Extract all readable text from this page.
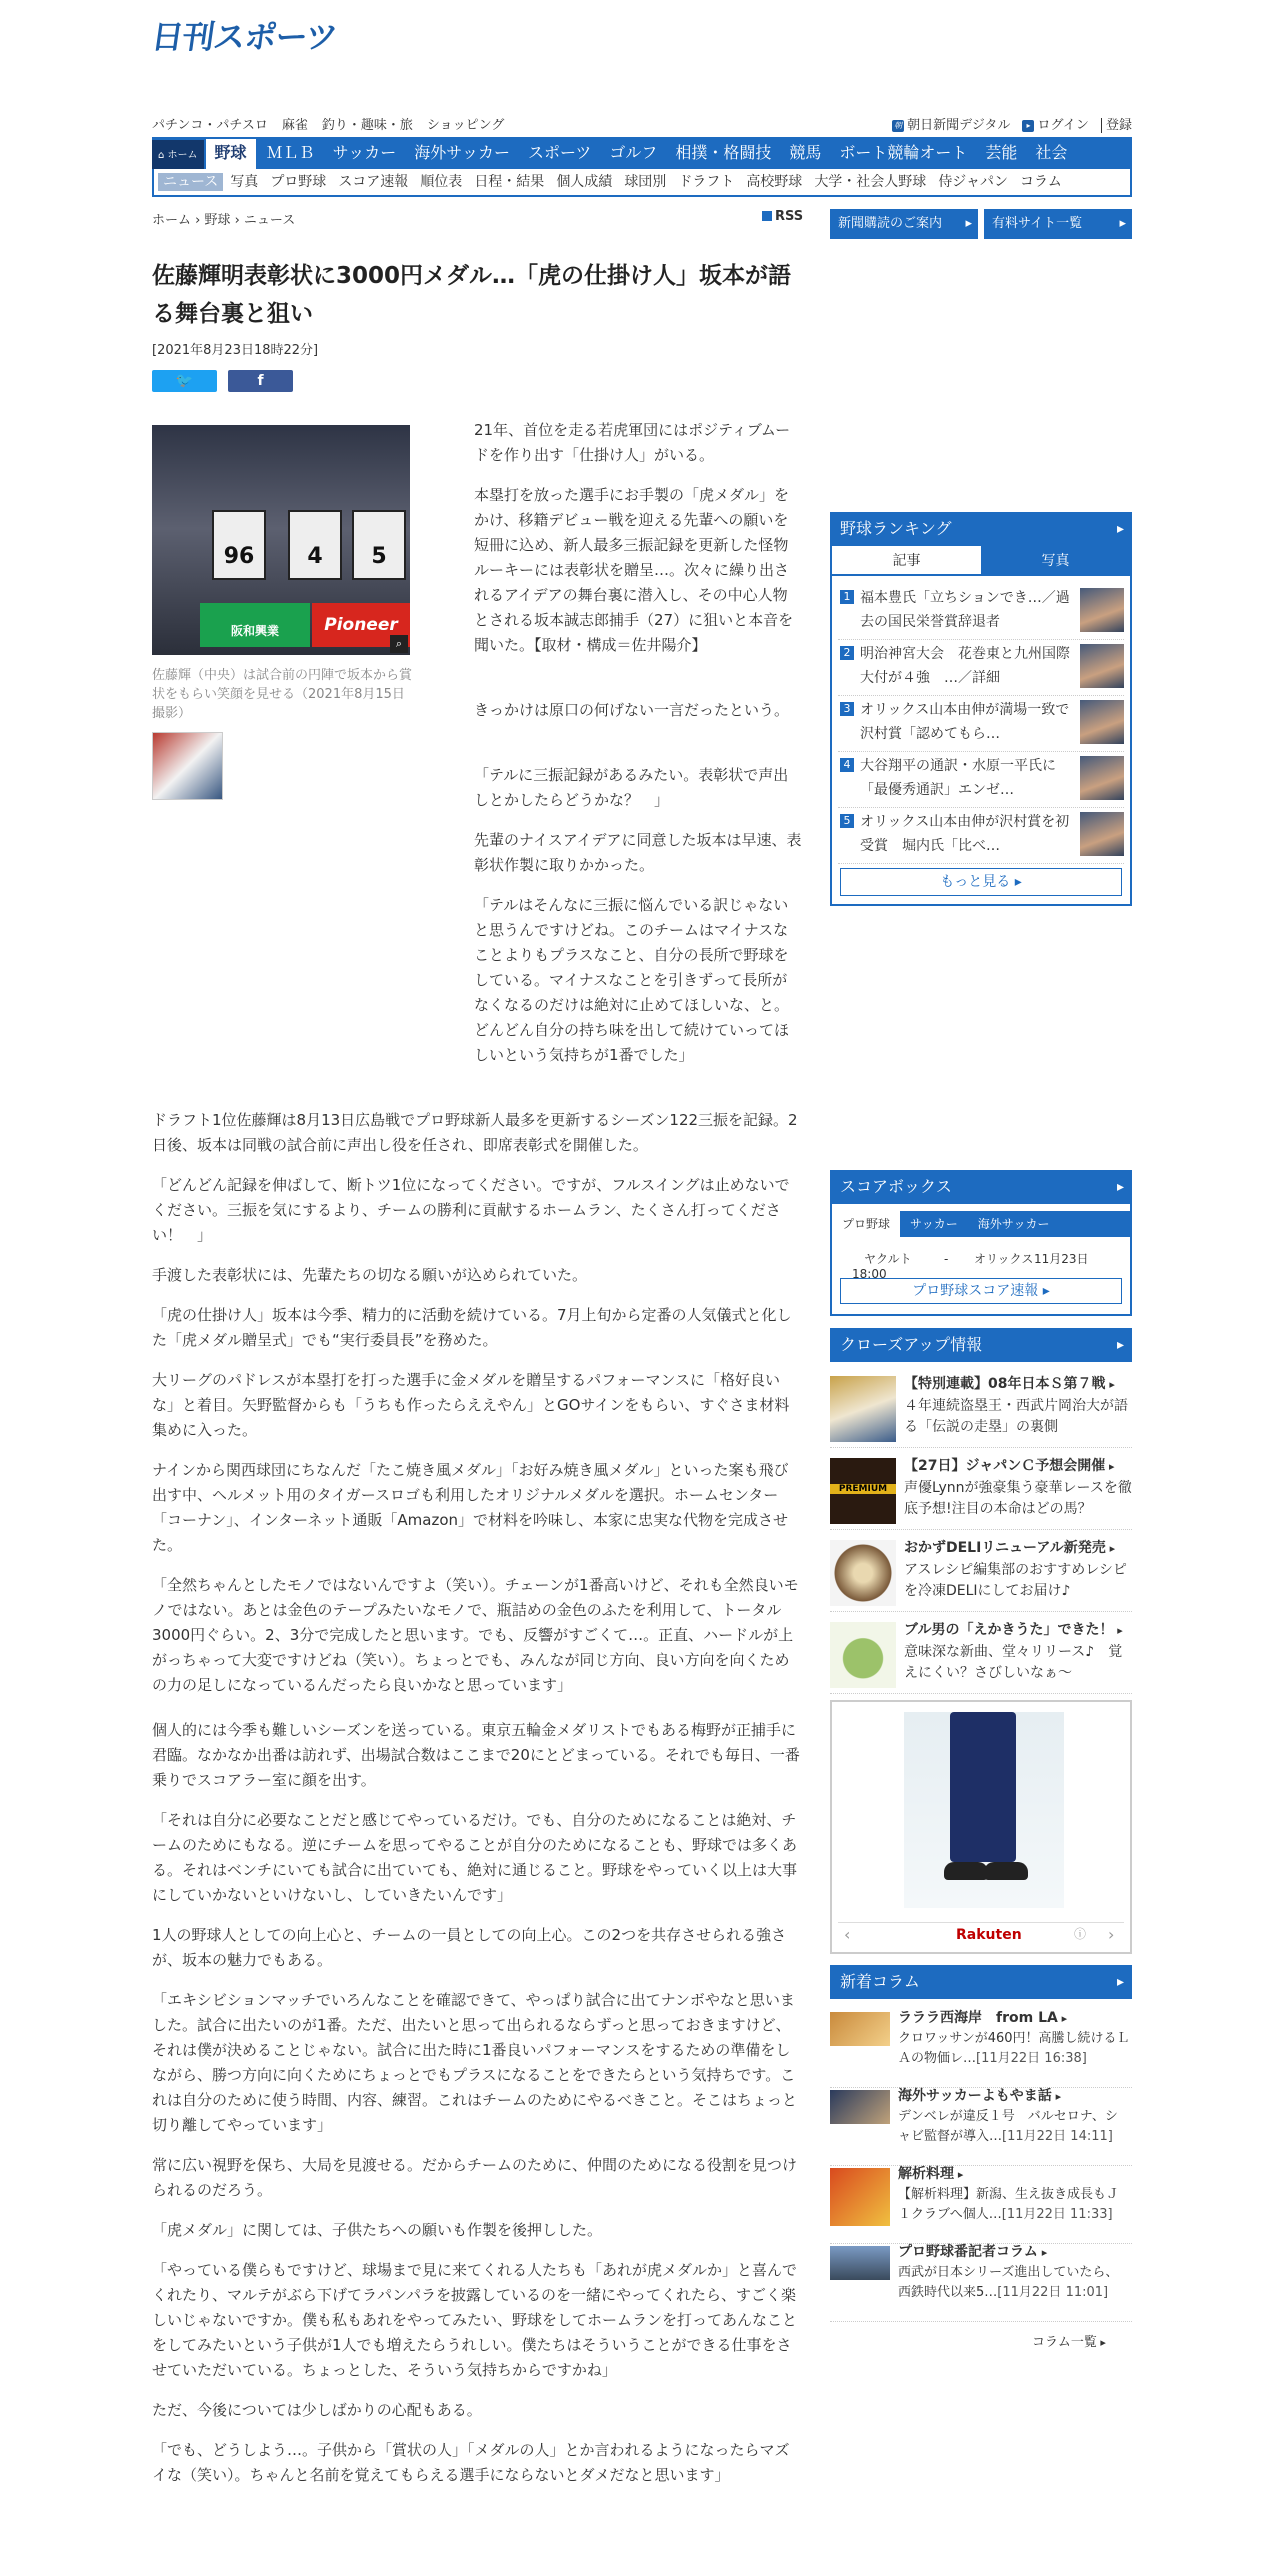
日刊スポーツ
パチンコ・パチスロ 麻雀 釣り・趣味・旅 ショッピング	朝 朝日新聞デジタル ▸ ログイン 登録
⌂ ホーム 野球 ＭＬＢ サッカー 海外サッカー スポーツ ゴルフ 相撲・格闘技 競馬 ボート競輪オート 芸能 社会
ニュース 写真 プロ野球 スコア速報 順位表 日程・結果 個人成績 球団別 ドラフト 高校野球 大学・社会人野球 侍ジャパン コラム
ホーム › 野球 › ニュース	RSS	新聞購読のご案内 ▸	有料サイト一覧 ▸
佐藤輝明表彰状に3000円メダル…「虎の仕掛け人」坂本が語る舞台裏と狙い
[2021年8月23日18時22分]
🐦	f
96	4	5
阪和興業	Pioneer
⌕
佐藤輝（中央）は試合前の円陣で坂本から賞状をもらい笑顔を見せる（2021年8月15日撮影）

21年、首位を走る若虎軍団にはポジティブムードを作り出す「仕掛け人」がいる。

本塁打を放った選手にお手製の「虎メダル」をかけ、移籍デビュー戦を迎える先輩への願いを短冊に込め、新人最多三振記録を更新した怪物ルーキーには表彰状を贈呈…。次々に繰り出されるアイデアの舞台裏に潜入し、その中心人物とされる坂本誠志郎捕手（27）に狙いと本音を聞いた。【取材・構成＝佐井陽介】

きっかけは原口の何げない一言だったという。

「テルに三振記録があるみたい。表彰状で声出しとかしたらどうかな？　」

先輩のナイスアイデアに同意した坂本は早速、表彰状作製に取りかかった。

「テルはそんなに三振に悩んでいる訳じゃないと思うんですけどね。このチームはマイナスなことよりもプラスなこと、自分の長所で野球をしている。マイナスなことを引きずって長所がなくなるのだけは絶対に止めてほしいな、と。どんどん自分の持ち味を出して続けていってほしいという気持ちが1番でした」

ドラフト1位佐藤輝は8月13日広島戦でプロ野球新人最多を更新するシーズン122三振を記録。2日後、坂本は同戦の試合前に声出し役を任され、即席表彰式を開催した。

「どんどん記録を伸ばして、断トツ1位になってください。ですが、フルスイングは止めないでください。三振を気にするより、チームの勝利に貢献するホームラン、たくさん打ってください！　」

手渡した表彰状には、先輩たちの切なる願いが込められていた。

「虎の仕掛け人」坂本は今季、精力的に活動を続けている。7月上旬から定番の人気儀式と化した「虎メダル贈呈式」でも“実行委員長”を務めた。

大リーグのパドレスが本塁打を打った選手に金メダルを贈呈するパフォーマンスに「格好良いな」と着目。矢野監督からも「うちも作ったらええやん」とGOサインをもらい、すぐさま材料集めに入った。

ナインから関西球団にちなんだ「たこ焼き風メダル」「お好み焼き風メダル」といった案も飛び出す中、ヘルメット用のタイガースロゴも利用したオリジナルメダルを選択。ホームセンター「コーナン」、インターネット通販「Amazon」で材料を吟味し、本家に忠実な代物を完成させた。

「全然ちゃんとしたモノではないんですよ（笑い）。チェーンが1番高いけど、それも全然良いモノではない。あとは金色のテープみたいなモノで、瓶詰めの金色のふたを利用して、トータル3000円ぐらい。2、3分で完成したと思います。でも、反響がすごくて…。正直、ハードルが上がっちゃって大変ですけどね（笑い）。ちょっとでも、みんなが同じ方向、良い方向を向くための力の足しになっているんだったら良いかなと思っています」

個人的には今季も難しいシーズンを送っている。東京五輪金メダリストでもある梅野が正捕手に君臨。なかなか出番は訪れず、出場試合数はここまで20にとどまっている。それでも毎日、一番乗りでスコアラー室に顔を出す。

「それは自分に必要なことだと感じてやっているだけ。でも、自分のためになることは絶対、チームのためにもなる。逆にチームを思ってやることが自分のためになることも、野球では多くある。それはベンチにいても試合に出ていても、絶対に通じること。野球をやっていく以上は大事にしていかないといけないし、していきたいんです」

1人の野球人としての向上心と、チームの一員としての向上心。この2つを共存させられる強さが、坂本の魅力でもある。

「エキシビションマッチでいろんなことを確認できて、やっぱり試合に出てナンボやなと思いました。試合に出たいのが1番。ただ、出たいと思って出られるならずっと思っておきますけど、それは僕が決めることじゃない。試合に出た時に1番良いパフォーマンスをするための準備をしながら、勝つ方向に向くためにちょっとでもプラスになることをできたらという気持ちです。これは自分のために使う時間、内容、練習。これはチームのためにやるべきこと。そこはちょっと切り離してやっています」

常に広い視野を保ち、大局を見渡せる。だからチームのために、仲間のためになる役割を見つけられるのだろう。

「虎メダル」に関しては、子供たちへの願いも作製を後押しした。

「やっている僕らもですけど、球場まで見に来てくれる人たちも「あれが虎メダルか」と喜んでくれたり、マルテがぶら下げてラパンパラを披露しているのを一緒にやってくれたら、すごく楽しいじゃないですか。僕も私もあれをやってみたい、野球をしてホームランを打ってあんなことをしてみたいという子供が1人でも増えたらうれしい。僕たちはそういうことができる仕事をさせていただいている。ちょっとした、そういう気持ちからですかね」

ただ、今後については少しばかりの心配もある。

「でも、どうしよう…。子供から「賞状の人」「メダルの人」とか言われるようになったらマズイな（笑い）。ちゃんと名前を覚えてもらえる選手にならないとダメだなと思います」

野球ランキング ▸
記事	写真
1 福本豊氏「立ちションでき…／過去の国民栄誉賞辞退者
2 明治神宮大会　花巻東と九州国際大付が４強　…／詳細
3 オリックス山本由伸が満場一致で沢村賞「認めてもら…
4 大谷翔平の通訳・水原一平氏に「最優秀通訳」エンゼ…
5 オリックス山本由伸が沢村賞を初受賞　堀内氏「比べ…
もっと見る ▸
スコアボックス ▸
プロ野球 サッカー 海外サッカー
ヤクルト	- オリックス11月23日 18:00
プロ野球スコア速報 ▸
クローズアップ情報 ▸
【特別連載】08年日本Ｓ第７戦 ▸
４年連続盗塁王・西武片岡治大が語る「伝説の走塁」の裏側
PREMIUM
【27日】ジャパンＣ予想会開催 ▸
声優Lynnが強豪集う豪華レースを徹底予想!注目の本命はどの馬？
おかずDELIリニューアル新発売 ▸
アスレシピ編集部のおすすめレシピを冷凍DELIにしてお届け♪
ブル男の「えかきうた」できた！ ▸
意味深な新曲、堂々リリース♪　覚えにくい？さびしいなぁ～
‹	Rakuten	ⓘ ›
新着コラム ▸
ラララ西海岸　from LA ▸
クロワッサンが460円！高騰し続けるＬＡの物価レ…[11月22日 16:38]
海外サッカーよもやま話 ▸
デンベレが違反１号　バルセロナ、シャビ監督が導入…[11月22日 14:11]
解析料理 ▸
【解析料理】新潟、生え抜き成長もＪ１クラブへ個人…[11月22日 11:33]
プロ野球番記者コラム ▸
西武が日本シリーズ進出していたら、西鉄時代以来5…[11月22日 11:01]
コラム一覧 ▸
